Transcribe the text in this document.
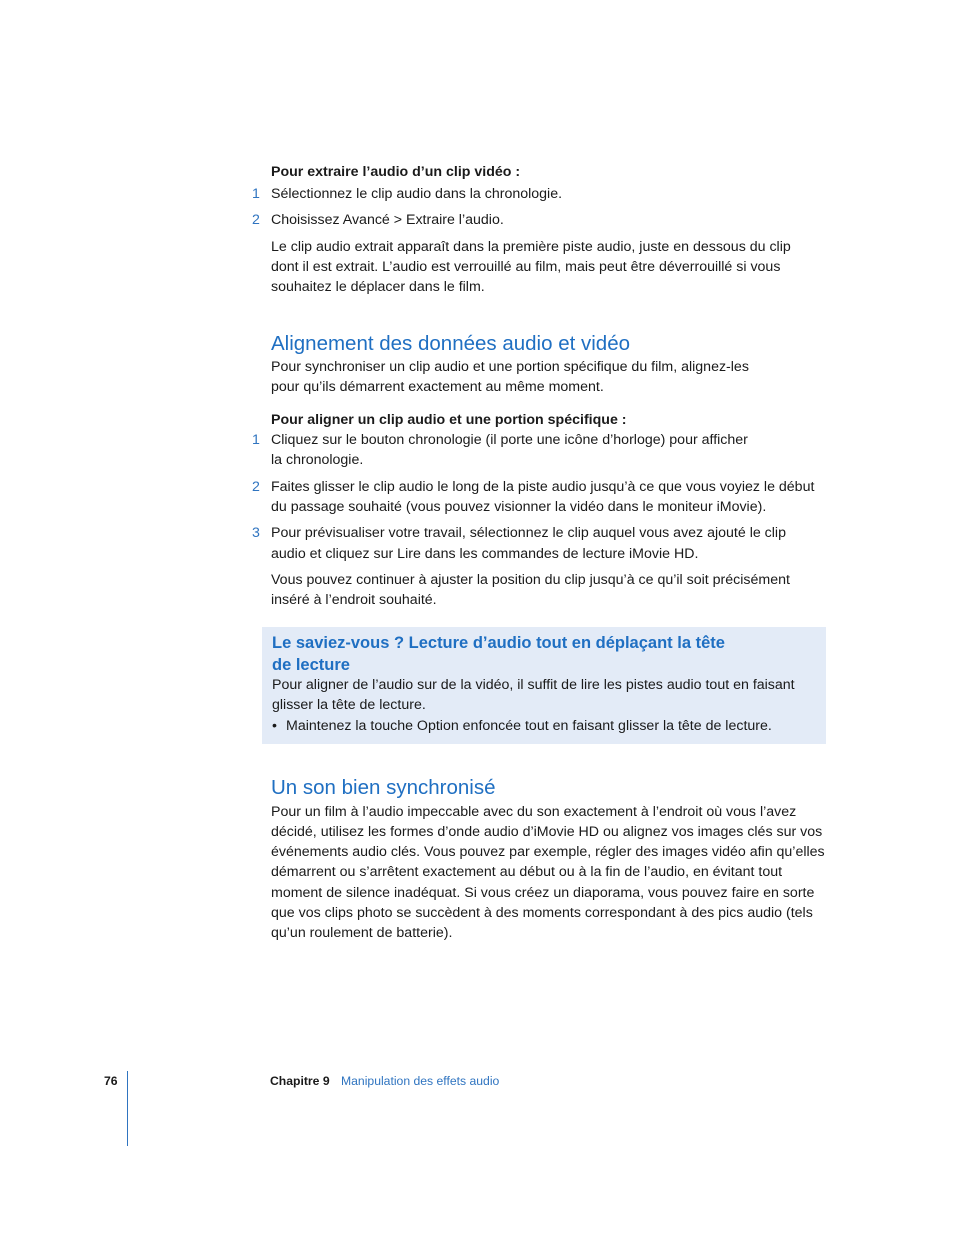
Pour extraire l’audio d’un clip vidéo :
1 Sélectionnez le clip audio dans la chronologie.
2 Choisissez Avancé > Extraire l’audio.
Le clip audio extrait apparaît dans la première piste audio, juste en dessous du clip
dont il est extrait. L’audio est verrouillé au film, mais peut être déverrouillé si vous
souhaitez le déplacer dans le film.
Alignement des données audio et vidéo
Pour synchroniser un clip audio et une portion spécifique du film, alignez-les
pour qu’ils démarrent exactement au même moment.
Pour aligner un clip audio et une portion spécifique :
1 Cliquez sur le bouton chronologie (il porte une icône d’horloge) pour afficher
la chronologie.
2 Faites glisser le clip audio le long de la piste audio jusqu’à ce que vous voyiez le début
du passage souhaité (vous pouvez visionner la vidéo dans le moniteur iMovie).
3 Pour prévisualiser votre travail, sélectionnez le clip auquel vous avez ajouté le clip
audio et cliquez sur Lire dans les commandes de lecture iMovie HD.
Vous pouvez continuer à ajuster la position du clip jusqu’à ce qu’il soit précisément
inséré à l’endroit souhaité.
Le saviez-vous ? Lecture d’audio tout en déplaçant la tête
de lecture
Pour aligner de l’audio sur de la vidéo, il suffit de lire les pistes audio tout en faisant
glisser la tête de lecture.
• Maintenez la touche Option enfoncée tout en faisant glisser la tête de lecture.
Un son bien synchronisé
Pour un film à l’audio impeccable avec du son exactement à l’endroit où vous l’avez
décidé, utilisez les formes d’onde audio d’iMovie HD ou alignez vos images clés sur vos
événements audio clés. Vous pouvez par exemple, régler des images vidéo afin qu’elles
démarrent ou s’arrêtent exactement au début ou à la fin de l’audio, en évitant tout
moment de silence inadéquat. Si vous créez un diaporama, vous pouvez faire en sorte
que vos clips photo se succèdent à des moments correspondant à des pics audio (tels
qu’un roulement de batterie).
76	Chapitre 9 Manipulation des effets audio
